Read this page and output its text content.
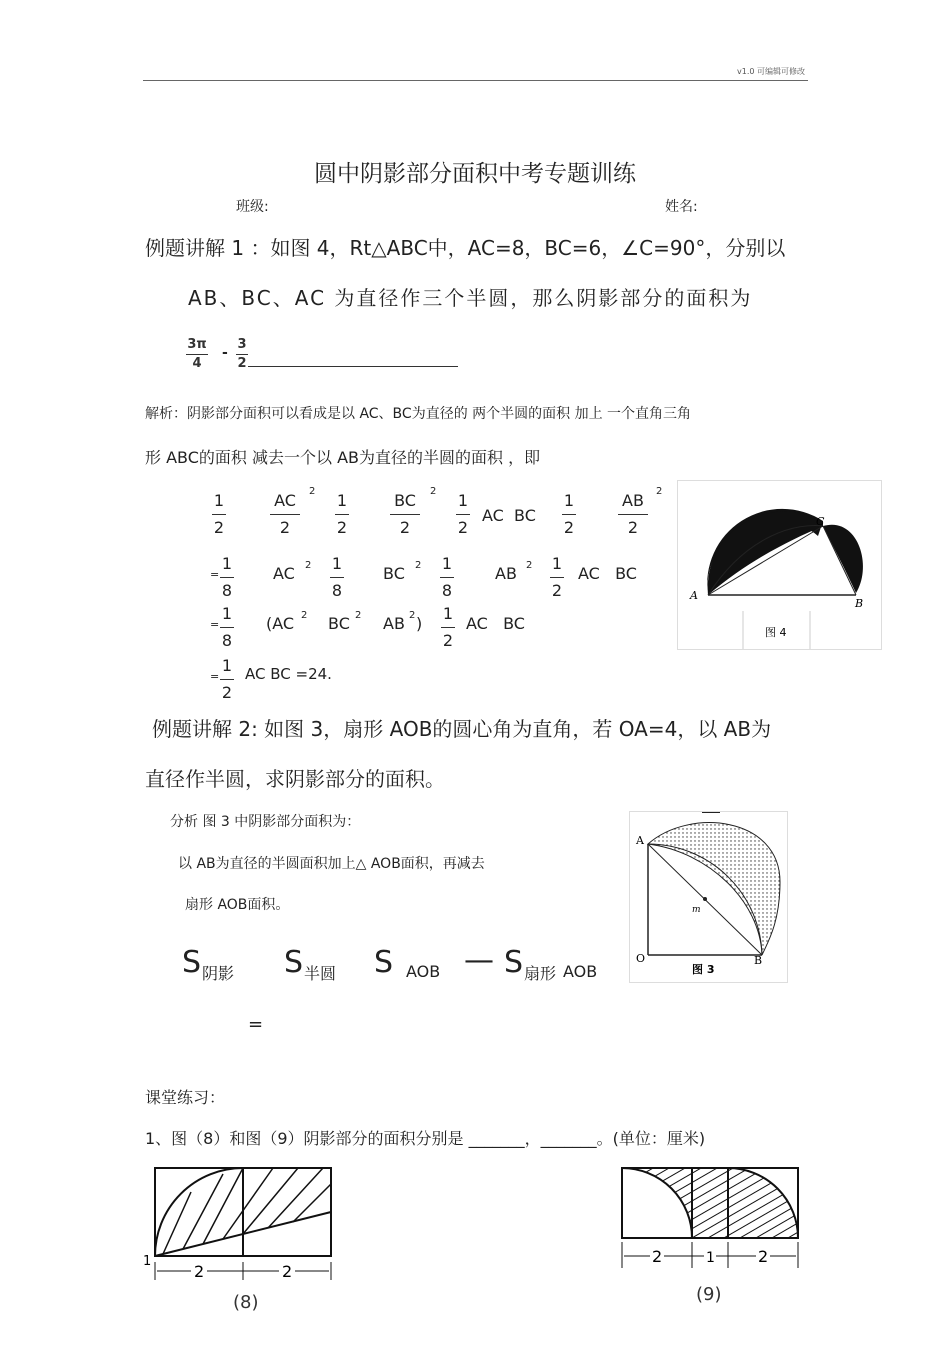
v1.0 可编辑可修改
圆中阴影部分面积中考专题训练
班级:	姓名:
例题讲解 1 ：如图 4，Rt△ABC中，AC=8，BC=6，∠C=90°，分别以
AB、BC、AC 为直径作三个半圆，那么阴影部分的面积为
3π
4
-
3
2
解析：阴影部分面积可以看成是以 AC、BC为直径的 两个半圆的面积 加上 一个直角三角
形 ABC的面积 减去一个以 AB为直径的半圆的面积 ，即
1
2
AC
2
2 1
2
BC
2
2 1
2
AC  BC
1
2
AB
2
2
=
1
8
AC 2 1
8
BC 2 1
8
AB 2 1
2
AC   BC
=
1
8
(AC 2 BC 2 AB 2 )
1
2
AC   BC
=
1
2
AC BC =24.
A
B
C
图 4
例题讲解 2: 如图 3，扇形 AOB的圆心角为直角，若 OA=4，以 AB为
直径作半圆，求阴影部分的面积。
分析 图 3 中阴影部分面积为：
以 AB为直径的半圆面积加上△ AOB面积，再减去
扇形 AOB面积。
S 阴影 S 半圆 S AOB — S 扇形 AOB
=
A
O	B
m
图 3
课堂练习：
1、图（8）和图（9）阴影部分的面积分别是 _______，_______。(单位：厘米)
2	2
1
(8)
2	1	2
(9)
